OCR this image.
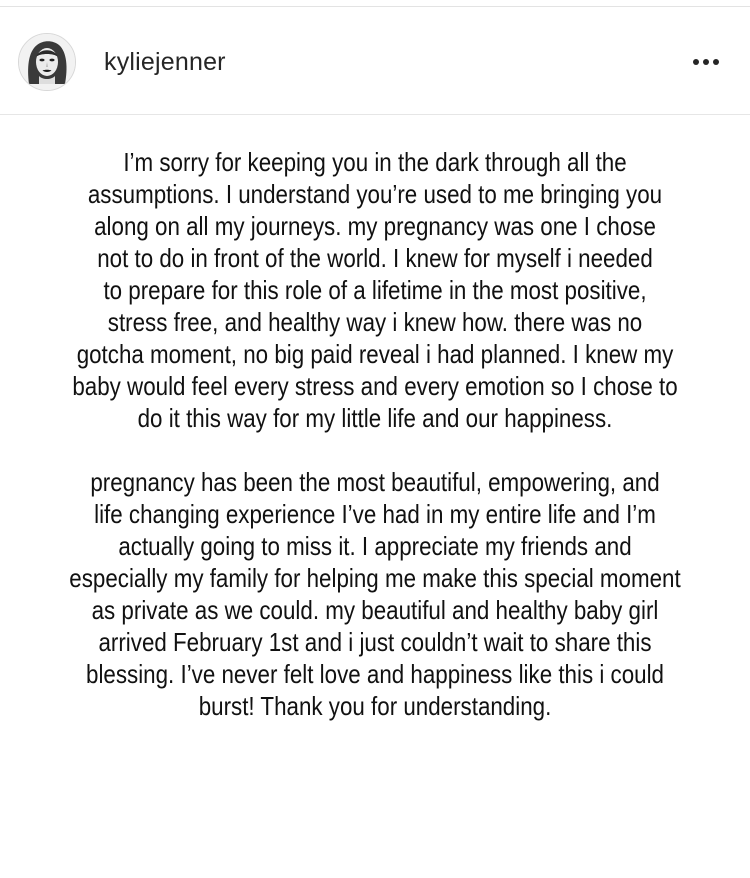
kyliejenner
I’m sorry for keeping you in the dark through all the
assumptions. I understand you’re used to me bringing you
along on all my journeys. my pregnancy was one I chose
not to do in front of the world. I knew for myself i needed
to prepare for this role of a lifetime in the most positive,
stress free, and healthy way i knew how. there was no
gotcha moment, no big paid reveal i had planned. I knew my
baby would feel every stress and every emotion so I chose to
do it this way for my little life and our happiness.
pregnancy has been the most beautiful, empowering, and
life changing experience I’ve had in my entire life and I’m
actually going to miss it. I appreciate my friends and
especially my family for helping me make this special moment
as private as we could. my beautiful and healthy baby girl
arrived February 1st and i just couldn’t wait to share this
blessing. I’ve never felt love and happiness like this i could
burst! Thank you for understanding.
